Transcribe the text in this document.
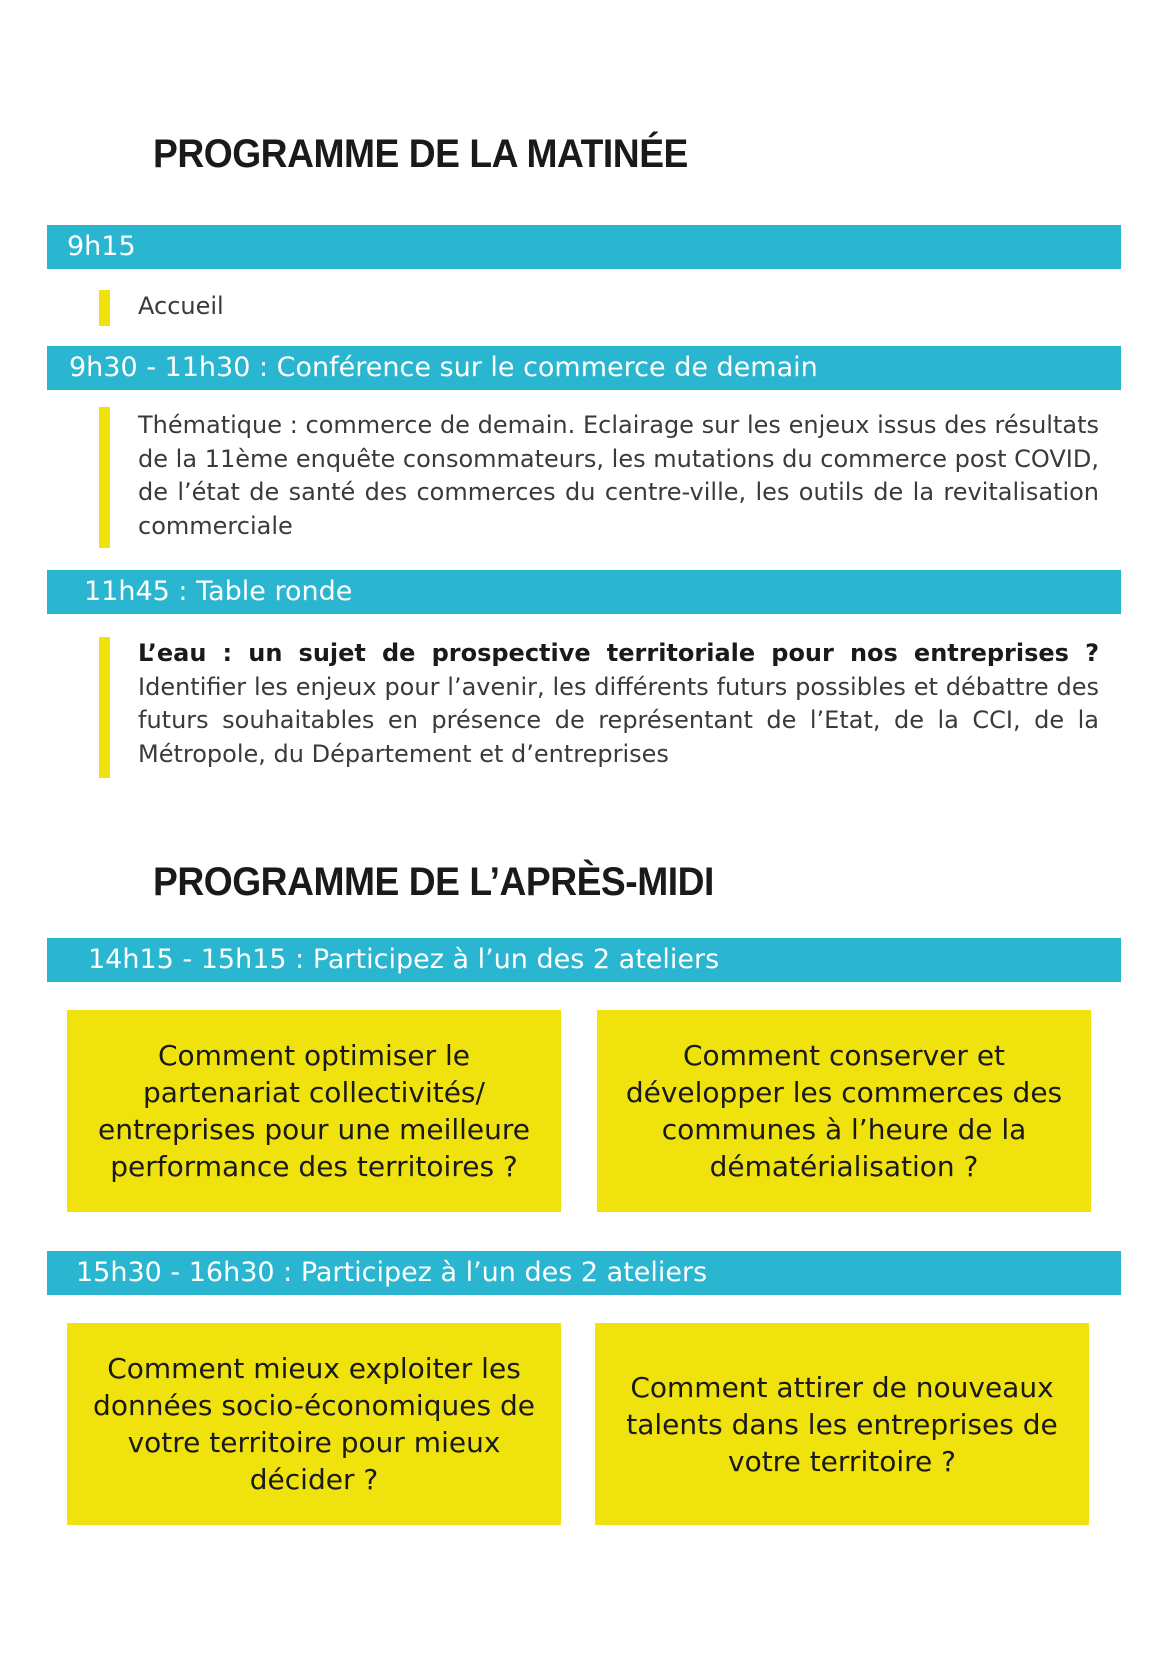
PROGRAMME DE LA MATINÉE
9h15
Accueil
9h30 - 11h30 : Conférence sur le commerce de demain
Thématique : commerce de demain. Eclairage sur les enjeux issus des résultats de la 11ème enquête consommateurs, les mutations du commerce post COVID, de l’état de santé des commerces du centre-ville, les outils de la revitalisation commerciale
11h45 : Table ronde
L’eau : un sujet de prospective territoriale pour nos entreprises ? Identifier les enjeux pour l’avenir, les différents futurs possibles et débattre des futurs souhaitables en présence de représentant de l’Etat, de la CCI, de la Métropole, du Département et d’entreprises
PROGRAMME DE L’APRÈS-MIDI
14h15 - 15h15 : Participez à l’un des 2 ateliers
Comment optimiser le partenariat collectivités/ entreprises pour une meilleure performance des territoires ?
Comment conserver et développer les commerces des communes à l’heure de la dématérialisation ?
15h30 - 16h30 : Participez à l’un des 2 ateliers
Comment mieux exploiter les données socio-économiques de votre territoire pour mieux décider ?
Comment attirer de nouveaux talents dans les entreprises de votre territoire ?
